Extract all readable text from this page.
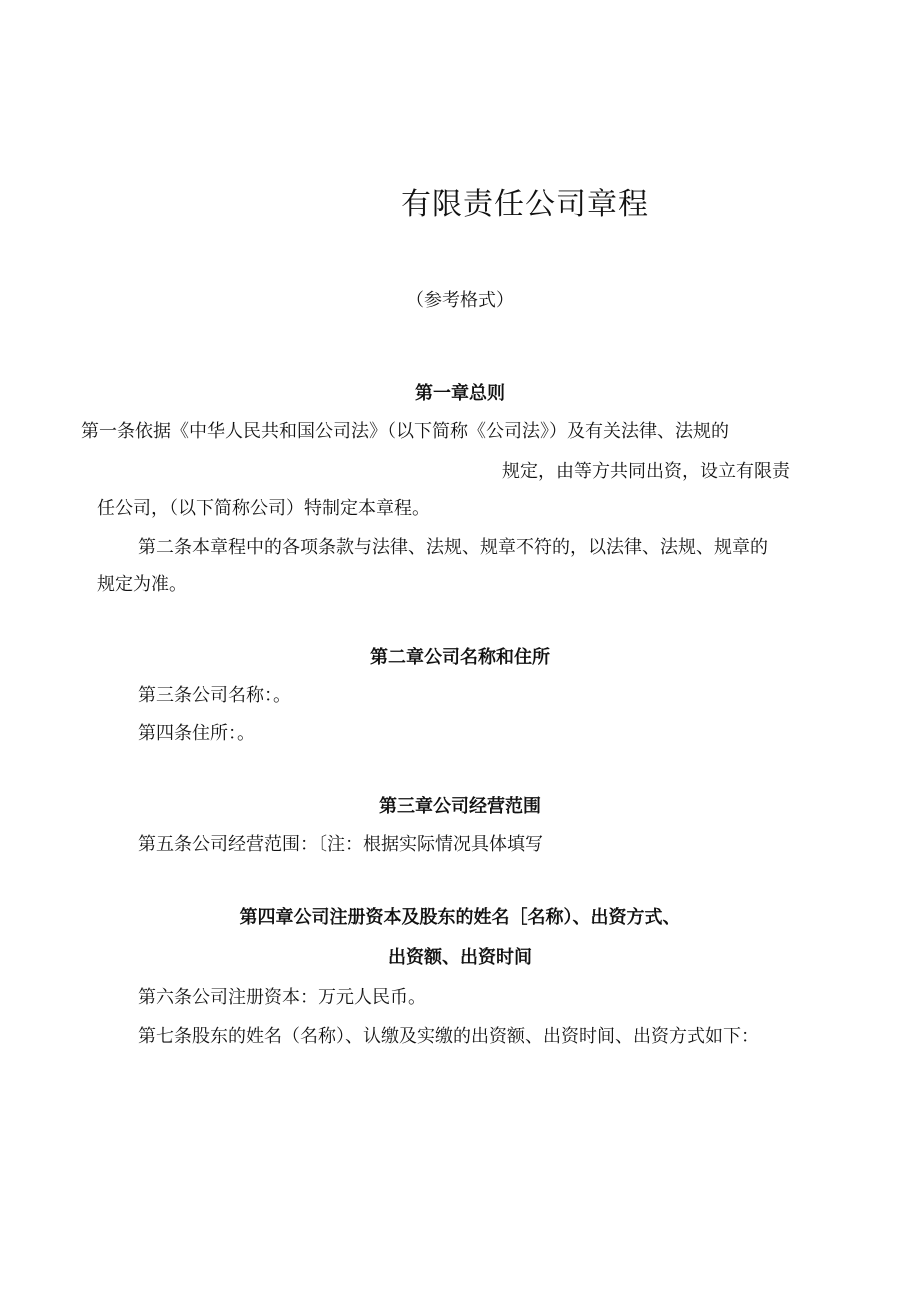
有限责任公司章程
（参考格式）
第一章总则
第一条依据《中华人民共和国公司法》（以下简称《公司法》）及有关法律、法规的
规定，由等方共同出资，设立有限责
任公司，（以下简称公司）特制定本章程。
第二条本章程中的各项条款与法律、法规、规章不符的，以法律、法规、规章的
规定为准。
第二章公司名称和住所
第三条公司名称：。
第四条住所：。
第三章公司经营范围
第五条公司经营范围：〔注：根据实际情况具体填写
第四章公司注册资本及股东的姓名［名称）、出资方式、
出资额、出资时间
第六条公司注册资本：万元人民币。
第七条股东的姓名（名称）、认缴及实缴的出资额、出资时间、出资方式如下：
